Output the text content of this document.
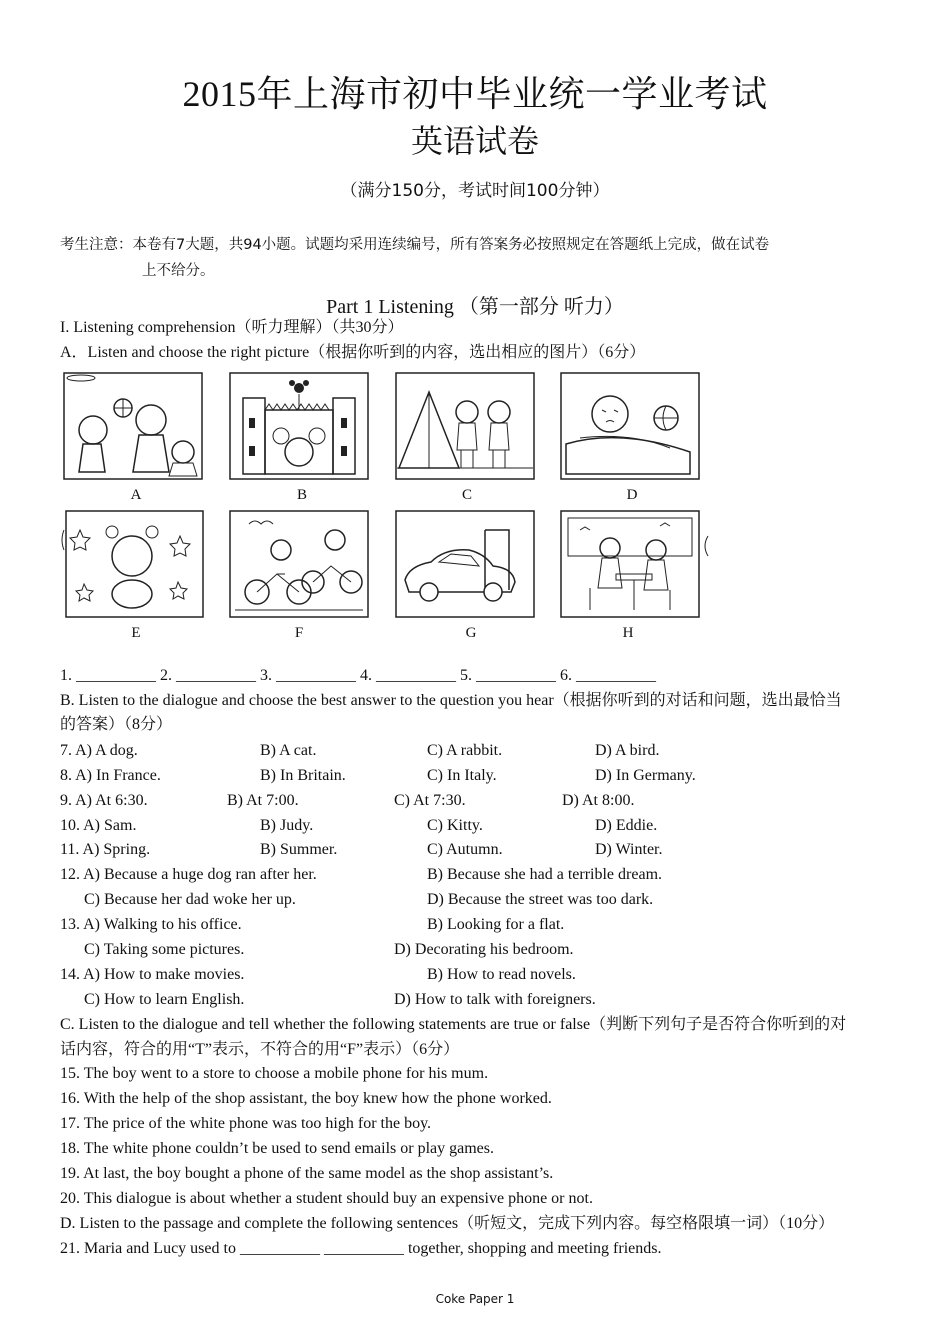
2015年上海市初中毕业统一学业考试
英语试卷
（满分150分，考试时间100分钟）
考生注意：本卷有7大题，共94小题。试题均采用连续编号，所有答案务必按照规定在答题纸上完成，做在试卷
上不给分。
Part 1 Listening （第一部分 听力）
I. Listening comprehension（听力理解）（共30分）
A．Listen and choose the right picture（根据你听到的内容，选出相应的图片）（6分）
A	B	C	D
E	F	G	H
1. __________ 2. __________ 3. __________ 4. __________ 5. __________ 6. __________
B. Listen to the dialogue and choose the best answer to the question you hear（根据你听到的对话和问题，选出最恰当
的答案）（8分）
7. A) A dog.	B) A cat.	C) A rabbit.	D) A bird.
8. A) In France.	B) In Britain.	C) In Italy.	D) In Germany.
9. A) At 6:30.	B) At 7:00.	C) At 7:30.	D) At 8:00.
10. A) Sam.	B) Judy.	C) Kitty.	D) Eddie.
11. A) Spring.	B) Summer.	C) Autumn.	D) Winter.
12. A) Because a huge dog ran after her.	B) Because she had a terrible dream.
C) Because her dad woke her up.	D) Because the street was too dark.
13. A) Walking to his office.	B) Looking for a flat.
C) Taking some pictures.	D) Decorating his bedroom.
14. A) How to make movies.	B) How to read novels.
C) How to learn English.	D) How to talk with foreigners.
C. Listen to the dialogue and tell whether the following statements are true or false（判断下列句子是否符合你听到的对
话内容，符合的用“T”表示，不符合的用“F”表示）（6分）
15. The boy went to a store to choose a mobile phone for his mum.
16. With the help of the shop assistant, the boy knew how the phone worked.
17. The price of the white phone was too high for the boy.
18. The white phone couldn’t be used to send emails or play games.
19. At last, the boy bought a phone of the same model as the shop assistant’s.
20. This dialogue is about whether a student should buy an expensive phone or not.
D. Listen to the passage and complete the following sentences（听短文，完成下列内容。每空格限填一词）（10分）
21. Maria and Lucy used to __________ __________ together, shopping and meeting friends.
Coke Paper 1
